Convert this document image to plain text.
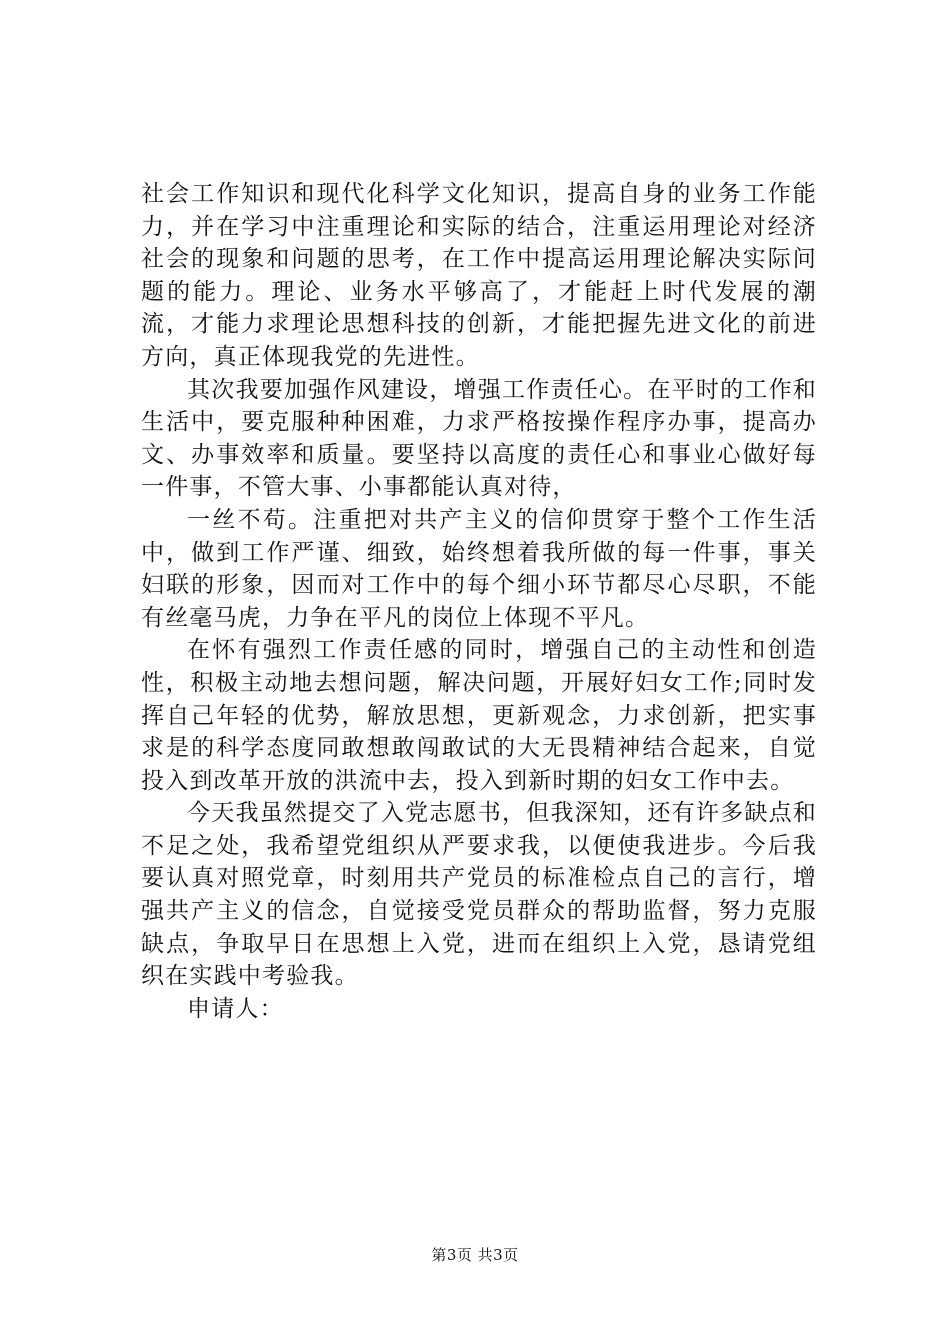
社会工作知识和现代化科学文化知识，提高自身的业务工作能力，并在学习中注重理论和实际的结合，注重运用理论对经济社会的现象和问题的思考，在工作中提高运用理论解决实际问题的能力。理论、业务水平够高了，才能赶上时代发展的潮流，才能力求理论思想科技的创新，才能把握先进文化的前进方向，真正体现我党的先进性。

其次我要加强作风建设，增强工作责任心。在平时的工作和生活中，要克服种种困难，力求严格按操作程序办事，提高办文、办事效率和质量。要坚持以高度的责任心和事业心做好每一件事，不管大事、小事都能认真对待，

一丝不苟。注重把对共产主义的信仰贯穿于整个工作生活中，做到工作严谨、细致，始终想着我所做的每一件事，事关妇联的形象，因而对工作中的每个细小环节都尽心尽职，不能有丝毫马虎，力争在平凡的岗位上体现不平凡。

在怀有强烈工作责任感的同时，增强自己的主动性和创造性，积极主动地去想问题，解决问题，开展好妇女工作;同时发挥自己年轻的优势，解放思想，更新观念，力求创新，把实事求是的科学态度同敢想敢闯敢试的大无畏精神结合起来，自觉投入到改革开放的洪流中去，投入到新时期的妇女工作中去。

今天我虽然提交了入党志愿书，但我深知，还有许多缺点和不足之处，我希望党组织从严要求我，以便使我进步。今后我要认真对照党章，时刻用共产党员的标准检点自己的言行，增强共产主义的信念，自觉接受党员群众的帮助监督，努力克服缺点，争取早日在思想上入党，进而在组织上入党，恳请党组织在实践中考验我。

申请人：

第3页 共3页
